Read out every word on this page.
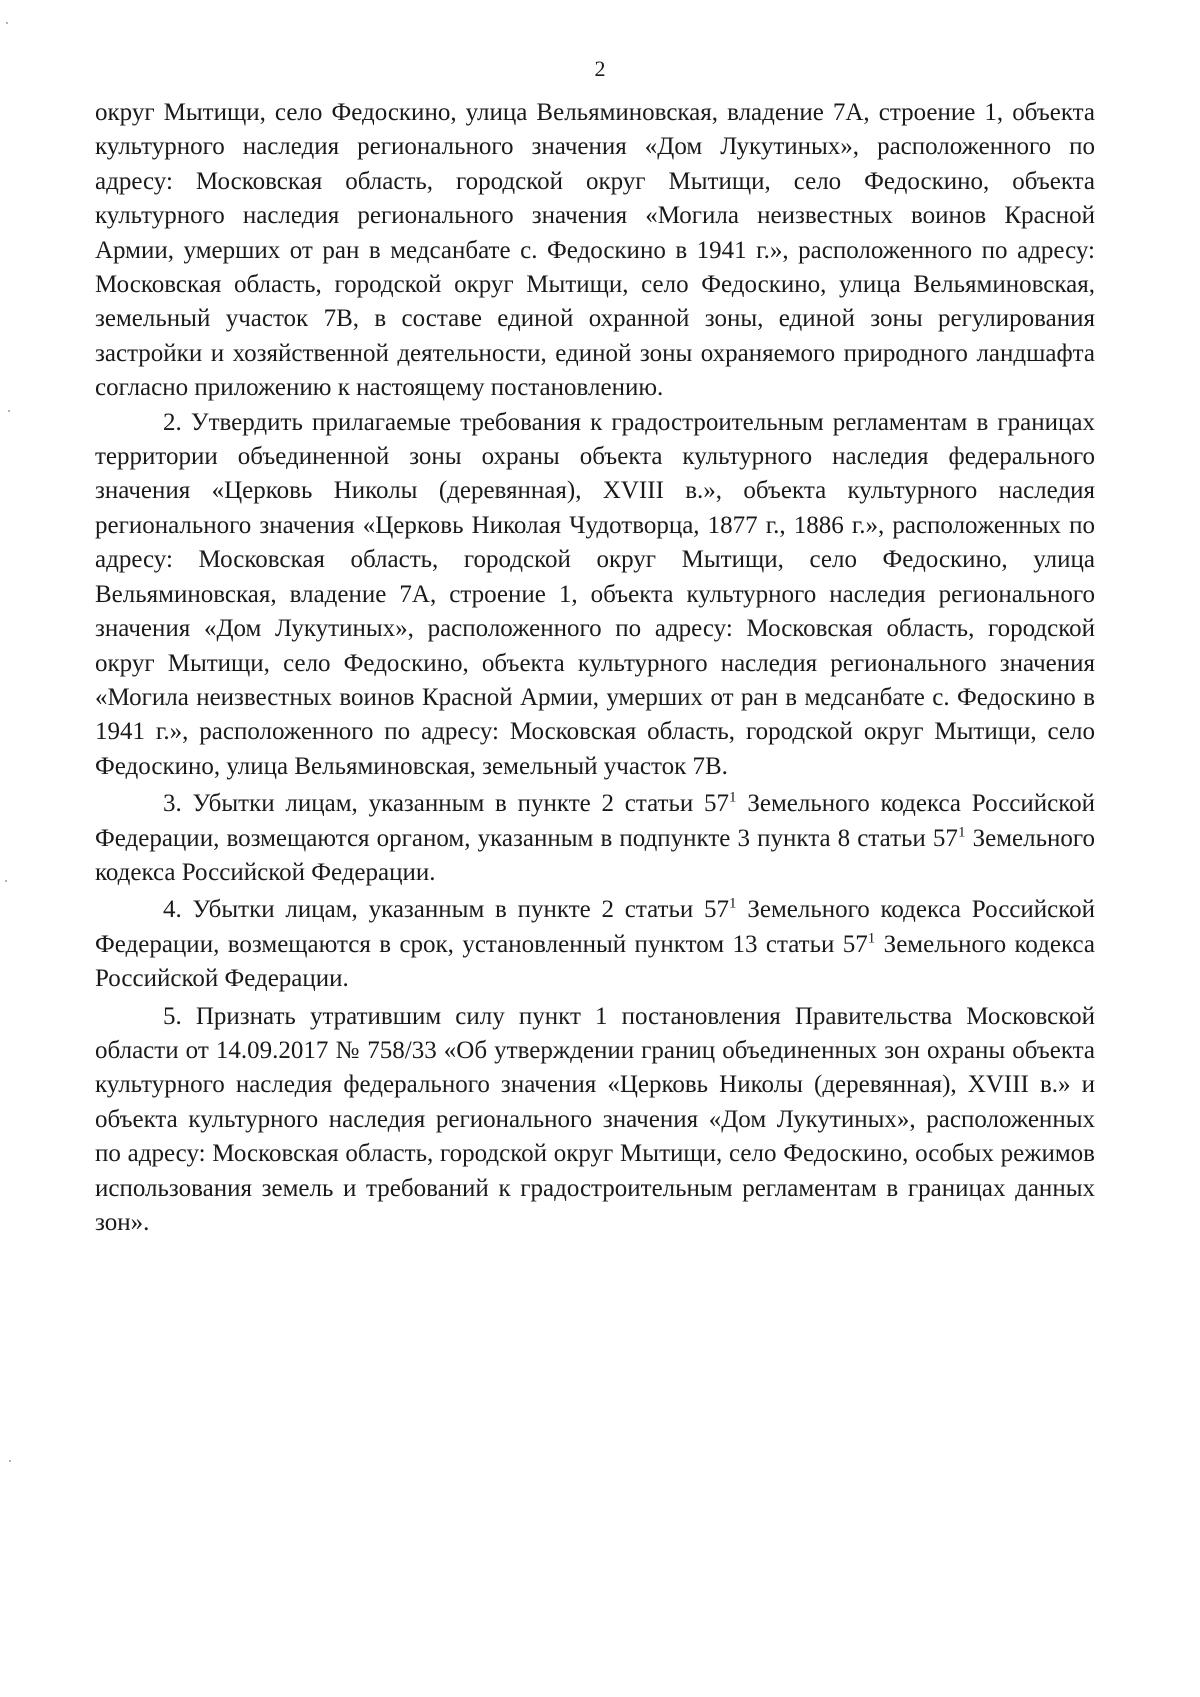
2

округ Мытищи, село Федоскино, улица Вельяминовская, владение 7А, строение 1, объекта культурного наследия регионального значения «Дом Лукутиных», расположенного по адресу: Московская область, городской округ Мытищи, село Федоскино, объекта культурного наследия регионального значения «Могила неизвестных воинов Красной Армии, умерших от ран в медсанбате с. Федоскино в 1941 г.», расположенного по адресу: Московская область, городской округ Мытищи, село Федоскино, улица Вельяминовская, земельный участок 7В, в составе единой охранной зоны, единой зоны регулирования застройки и хозяйственной деятельности, единой зоны охраняемого природного ландшафта согласно приложению к настоящему постановлению.

2. Утвердить прилагаемые требования к градостроительным регламентам в границах территории объединенной зоны охраны объекта культурного наследия федерального значения «Церковь Николы (деревянная), XVIII в.», объекта культурного наследия регионального значения «Церковь Николая Чудотворца, 1877 г., 1886 г.», расположенных по адресу: Московская область, городской округ Мытищи, село Федоскино, улица Вельяминовская, владение 7А, строение 1, объекта культурного наследия регионального значения «Дом Лукутиных», расположенного по адресу: Московская область, городской округ Мытищи, село Федоскино, объекта культурного наследия регионального значения «Могила неизвестных воинов Красной Армии, умерших от ран в медсанбате с. Федоскино в 1941 г.», расположенного по адресу: Московская область, городской округ Мытищи, село Федоскино, улица Вельяминовская, земельный участок 7В.

3. Убытки лицам, указанным в пункте 2 статьи $57^1$ Земельного кодекса Российской Федерации, возмещаются органом, указанным в подпункте 3 пункта 8 статьи $57^1$ Земельного кодекса Российской Федерации.

4. Убытки лицам, указанным в пункте 2 статьи $57^1$ Земельного кодекса Российской Федерации, возмещаются в срок, установленный пунктом 13 статьи $57^1$ Земельного кодекса Российской Федерации.

5. Признать утратившим силу пункт 1 постановления Правительства Московской области от 14.09.2017 № 758/33 «Об утверждении границ объединенных зон охраны объекта культурного наследия федерального значения «Церковь Николы (деревянная), XVIII в.» и объекта культурного наследия регионального значения «Дом Лукутиных», расположенных по адресу: Московская область, городской округ Мытищи, село Федоскино, особых режимов использования земель и требований к градостроительным регламентам в границах данных зон».
